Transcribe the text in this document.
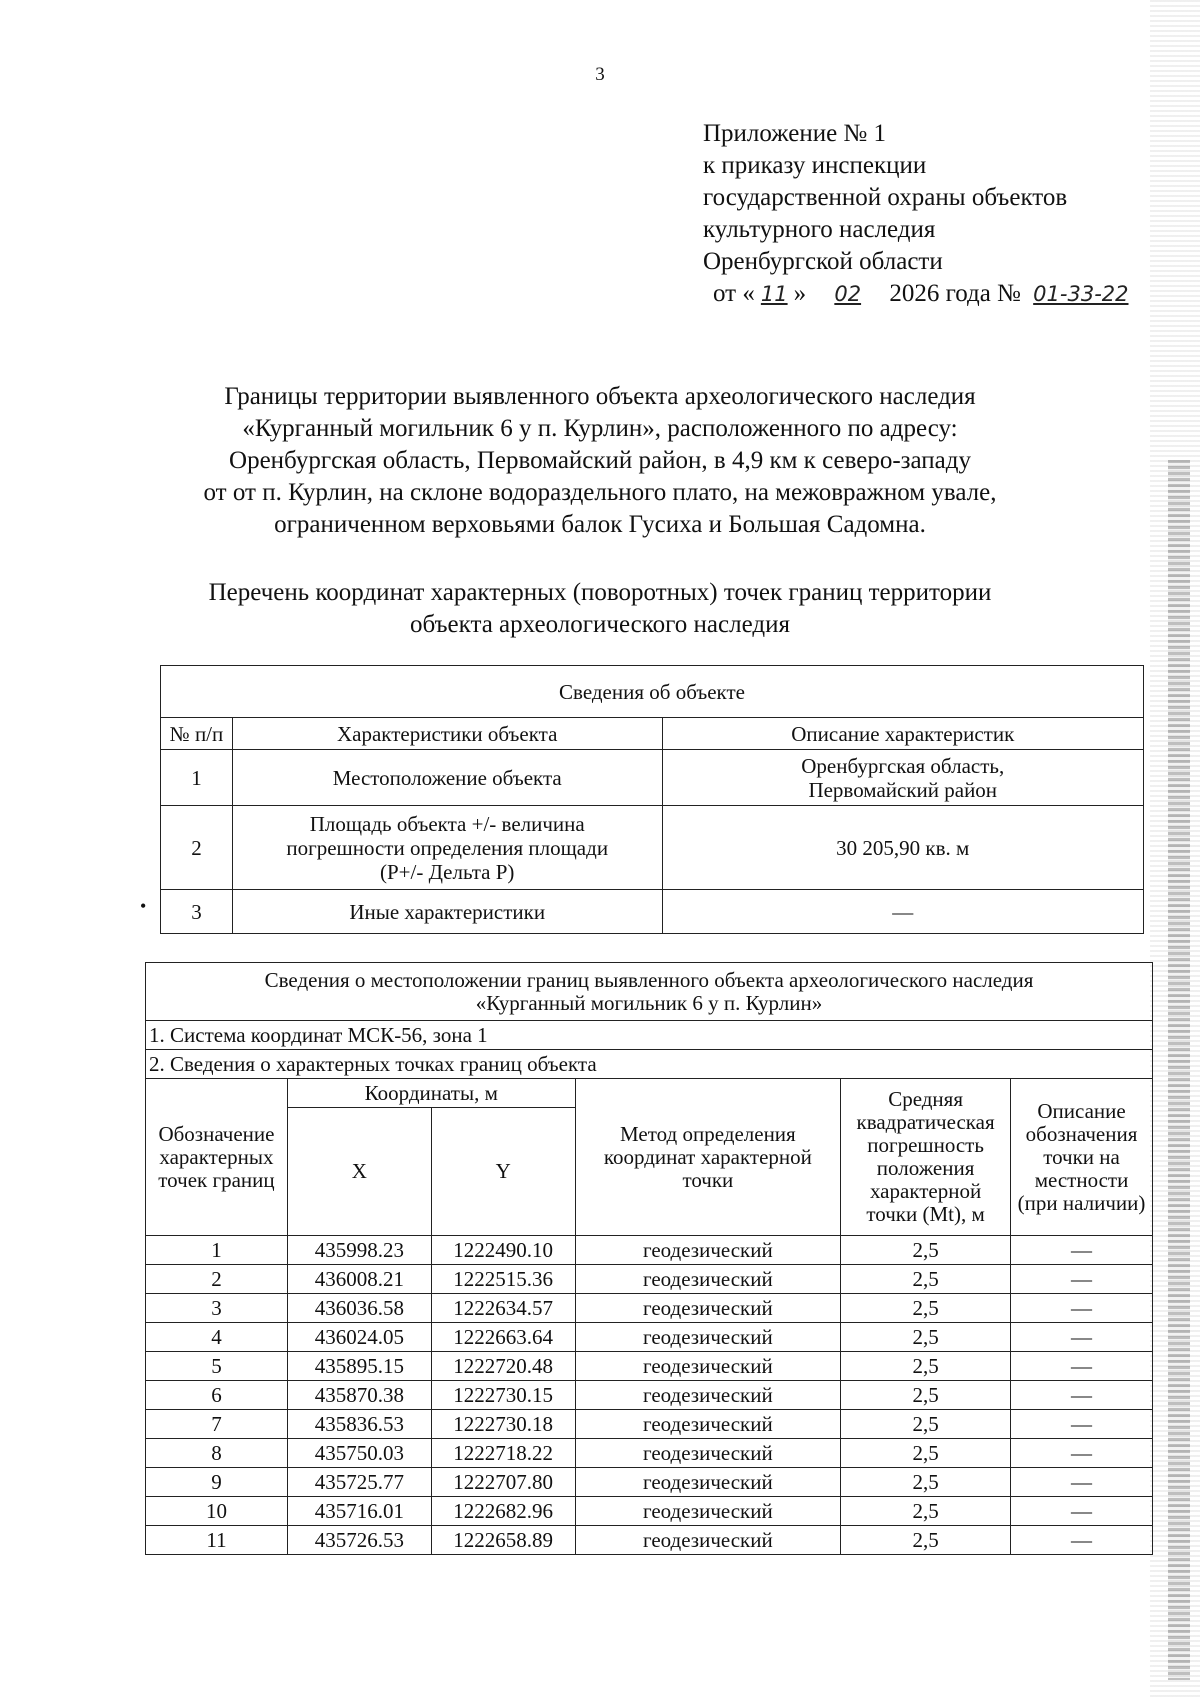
3
Приложение № 1
к приказу инспекции
государственной охраны объектов
культурного наследия
Оренбургской области
от « 11 » 02 2026 года № 01-33-22
Границы территории выявленного объекта археологического наследия
«Курганный могильник 6 у п. Курлин», расположенного по адресу:
Оренбургская область, Первомайский район, в 4,9 км к северо-западу
от от п. Курлин, на склоне водораздельного плато, на межовражном увале,
ограниченном верховьями балок Гусиха и Большая Садомна.
Перечень координат характерных (поворотных) точек границ территории
объекта археологического наследия
Сведения об объекте		
№ п/п	Характеристики объекта	Описание характеристик
1	Местоположение объекта	Оренбургская область,
Первомайский район

2	Площадь объекта +/- величина
погрешности определения площади
(Р+/- Дельта Р)	30 205,90 кв. м
3	Иные характеристики	—
•
Сведения о местоположении границ выявленного объекта археологического наследия
«Курганный могильник 6 у п. Курлин»					

1. Система координат МСК-56, зона 1					
2. Сведения о характерных точках границ объекта					
Обозначение характерных точек границ	Координаты, м		Метод определения координат характерной точки	Средняя квадратическая погрешность положения характерной точки (Mt), м	Описание обозначения точки на местности (при наличии)
	X	Y			
1	435998.23	1222490.10	геодезический	2,5	—
2	436008.21	1222515.36	геодезический	2,5	—
3	436036.58	1222634.57	геодезический	2,5	—
4	436024.05	1222663.64	геодезический	2,5	—
5	435895.15	1222720.48	геодезический	2,5	—
6	435870.38	1222730.15	геодезический	2,5	—
7	435836.53	1222730.18	геодезический	2,5	—
8	435750.03	1222718.22	геодезический	2,5	—
9	435725.77	1222707.80	геодезический	2,5	—
10	435716.01	1222682.96	геодезический	2,5	—
11	435726.53	1222658.89	геодезический	2,5	—
